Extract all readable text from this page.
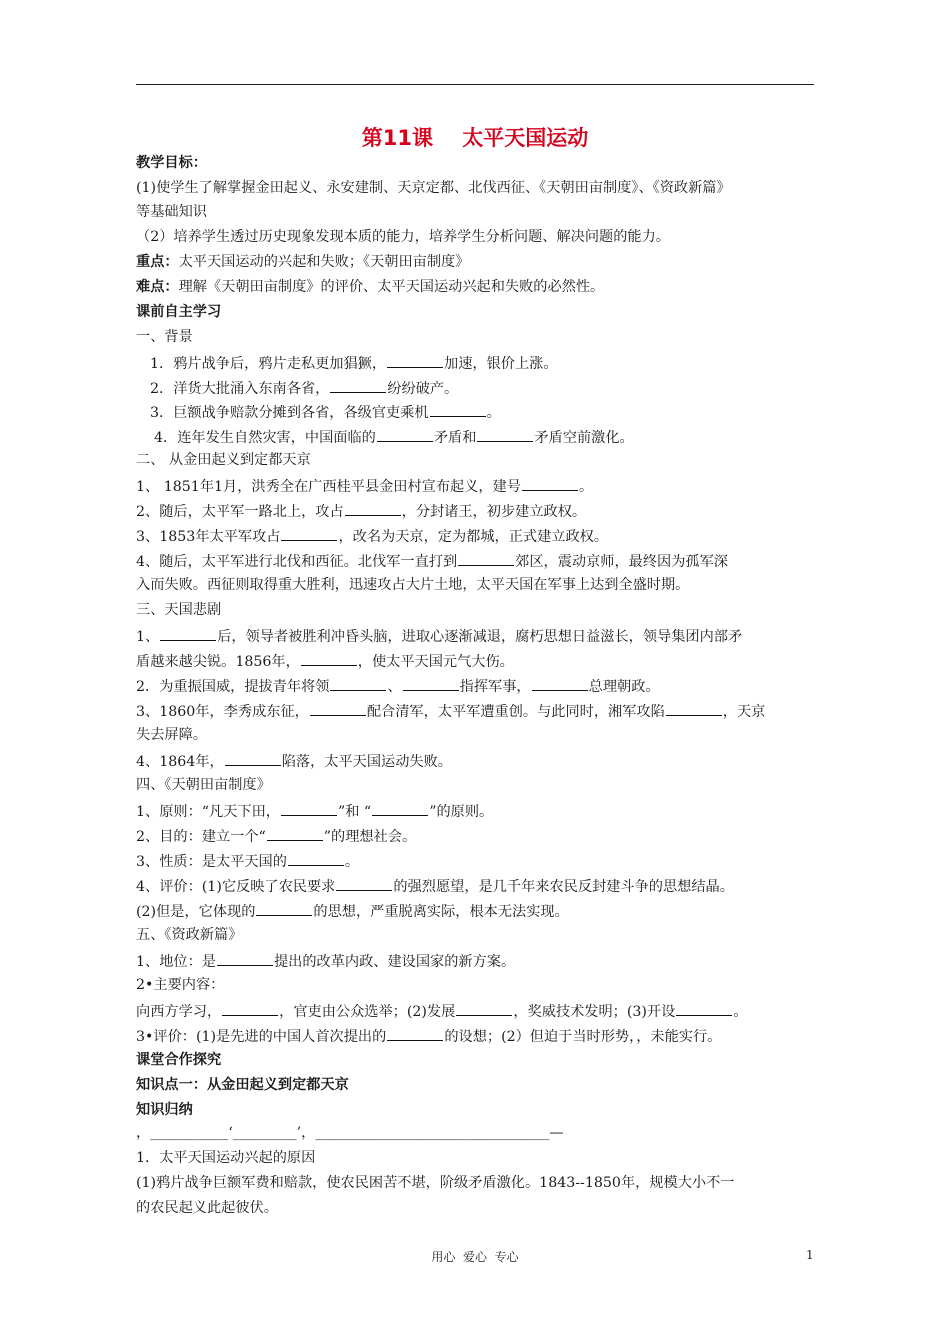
第11课    太平天国运动
教学目标：
(1)使学生了解掌握金田起义、永安建制、天京定都、北伐西征、《天朝田亩制度》、《资政新篇》
等基础知识
（2）培养学生透过历史现象发现本质的能力，培养学生分析问题、解决问题的能力。
重点：太平天国运动的兴起和失败；《天朝田亩制度》
难点：理解《天朝田亩制度》的评价、太平天国运动兴起和失败的必然性。
课前自主学习
一、背景
1．鸦片战争后，鸦片走私更加猖獗，	加速，银价上涨。
2．洋货大批涌入东南各省，	纷纷破产。
3．巨额战争赔款分摊到各省，各级官吏乘机	。
4．连年发生自然灾害，中国面临的	矛盾和	矛盾空前激化。
二、 从金田起义到定都天京
1、 1851年1月，洪秀全在广西桂平县金田村宣布起义，建号	。
2、随后，太平军一路北上，攻占	，分封诸王，初步建立政权。
3、1853年太平军攻占	，改名为天京，定为都城，正式建立政权。
4、随后，太平军进行北伐和西征。北伐军一直打到	郊区，震动京师，最终因为孤军深
入而失败。西征则取得重大胜利，迅速攻占大片土地，太平天国在军事上达到全盛时期。
三、天国悲剧
1、	后，领导者被胜利冲昏头脑，进取心逐渐减退，腐朽思想日益滋长，领导集团内部矛
盾越来越尖锐。1856年，	，使太平天国元气大伤。
2．为重振国威，提拔青年将领	、	指挥军事，	总理朝政。
3、1860年，李秀成东征，	配合清军，太平军遭重创。与此同时，湘军攻陷	，天京
失去屏障。
4、1864年，	陷落，太平天国运动失败。
四、《天朝田亩制度》
1、原则：“凡天下田，	”和 “	”的原则。
2、目的：建立一个“	”的理想社会。
3、性质：是太平天国的	。
4、评价：(1)它反映了农民要求	的强烈愿望，是几千年来农民反封建斗争的思想结晶。
(2)但是，它体现的	的思想，严重脱离实际，根本无法实现。
五、《资政新篇》
1、地位：是	提出的改革内政、建设国家的新方案。
2•主要内容：
向西方学习，	，官吏由公众选举；(2)发展	，奖威技术发明；(3)开设	。
3•评价：(1)是先进的中国人首次提出的	的设想；(2）但迫于当时形势，，未能实行。
课堂合作探究
知识点一：从金田起义到定都天京
知识归纳
，___________‘_________’，_________________________________—
1．太平天国运动兴起的原因
(1)鸦片战争巨额军费和赔款，使农民困苦不堪，阶级矛盾激化。1843--1850年，规模大小不一
的农民起义此起彼伏。
用心  爱心  专心	1
